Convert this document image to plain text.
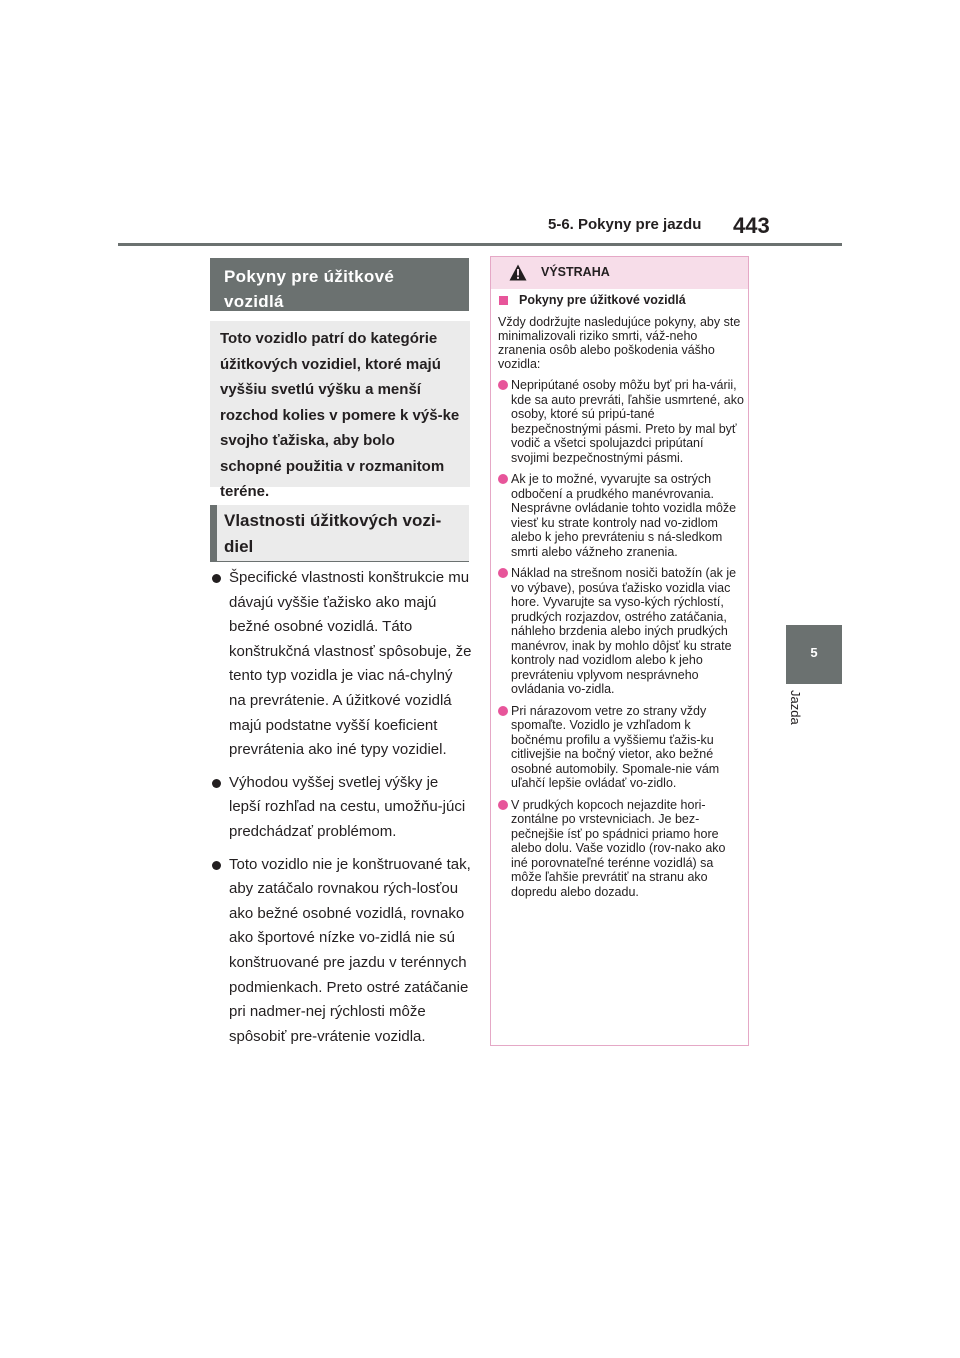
5-6. Pokyny pre jazdu 443
5
Jazda
Pokyny pre úžitkové vozidlá
Toto vozidlo patrí do kategórie úžitkových vozidiel, ktoré majú vyššiu svetlú výšku a menší rozchod kolies v pomere k výš-ke svojho ťažiska, aby bolo schopné použitia v rozmanitom teréne.
Vlastnosti úžitkových vozi-diel
Špecifické vlastnosti konštrukcie mu dávajú vyššie ťažisko ako majú bežné osobné vozidlá. Táto konštrukčná vlastnosť spôsobuje, že tento typ vozidla je viac ná-chylný na prevrátenie. A úžitkové vozidlá majú podstatne vyšší koeficient prevrátenia ako iné typy vozidiel.
Výhodou vyššej svetlej výšky je lepší rozhľad na cestu, umožňu-júci predchádzať problémom.
Toto vozidlo nie je konštruované tak, aby zatáčalo rovnakou rých-losťou ako bežné osobné vozidlá, rovnako ako športové nízke vo-zidlá nie sú konštruované pre jazdu v terénnych podmienkach. Preto ostré zatáčanie pri nadmer-nej rýchlosti môže spôsobiť pre-vrátenie vozidla.
VÝSTRAHA
Pokyny pre úžitkové vozidlá
Vždy dodržujte nasledujúce pokyny, aby ste minimalizovali riziko smrti, váž-neho zranenia osôb alebo poškodenia vášho vozidla:
Nepripútané osoby môžu byť pri ha-várii, kde sa auto prevráti, ľahšie usmrtené, ako osoby, ktoré sú pripú-tané bezpečnostnými pásmi. Preto by mal byť vodič a všetci spolujazdci pripútaní svojimi bezpečnostnými pásmi.
Ak je to možné, vyvarujte sa ostrých odbočení a prudkého manévrovania. Nesprávne ovládanie tohto vozidla môže viesť ku strate kontroly nad vo-zidlom alebo k jeho prevráteniu s ná-sledkom smrti alebo vážneho zranenia.
Náklad na strešnom nosiči batožín (ak je vo výbave), posúva ťažisko vozidla viac hore. Vyvarujte sa vyso-kých rýchlostí, prudkých rozjazdov, ostrého zatáčania, náhleho brzdenia alebo iných prudkých manévrov, inak by mohlo dôjsť ku strate kontroly nad vozidlom alebo k jeho prevráteniu vplyvom nesprávneho ovládania vo-zidla.
Pri nárazovom vetre zo strany vždy spomaľte. Vozidlo je vzhľadom k bočnému profilu a vyššiemu ťažis-ku citlivejšie na bočný vietor, ako bežné osobné automobily. Spomale-nie vám uľahčí lepšie ovládať vo-zidlo.
V prudkých kopcoch nejazdite hori-zontálne po vrstevniciach. Je bez-pečnejšie ísť po spádnici priamo hore alebo dolu. Vaše vozidlo (rov-nako ako iné porovnateľné terénne vozidlá) sa môže ľahšie prevrátiť na stranu ako dopredu alebo dozadu.
